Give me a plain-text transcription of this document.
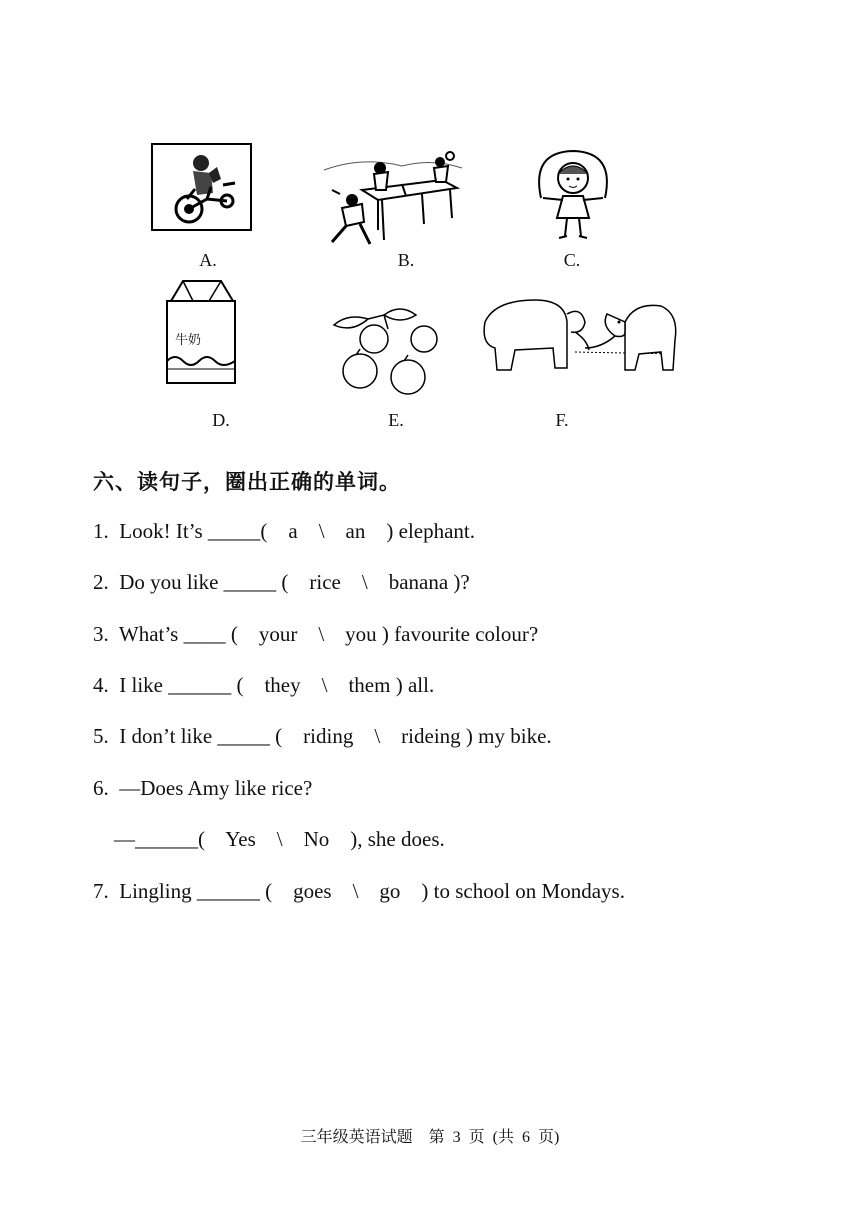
A.	B.	C.
牛奶
D.	E.	F.
六、读句子，圈出正确的单词。
1.  Look! It’s _____(    a    \    an    ) elephant.
2.  Do you like _____ (    rice    \    banana )?
3.  What’s ____ (    your    \    you ) favourite colour?
4.  I like ______ (    they    \    them ) all.
5.  I don’t like _____ (    riding    \    rideing ) my bike.
6.  —Does Amy like rice?
—______(    Yes    \    No    ), she does.
7.  Lingling ______ (    goes    \    go    ) to school on Mondays.
三年级英语试题    第  3  页  (共  6  页)
